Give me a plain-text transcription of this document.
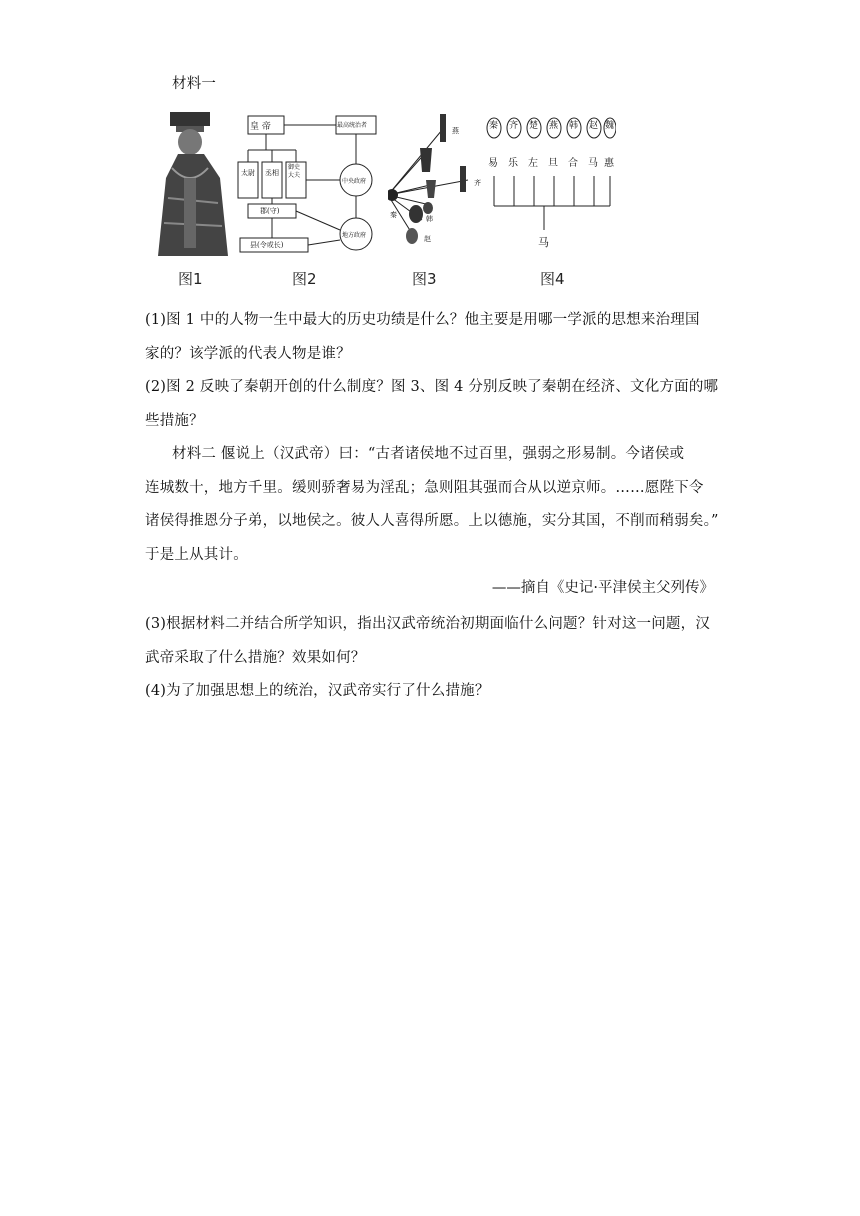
材料一
图1
皇 帝	最高统治者
太尉 丞相
御史大夫
中央政府
郡(守)
县(令或长)
地方政府
图2
燕
齐
秦	韩
赵
图3
秦 齐 楚 燕 韩 赵 魏
易 乐 左 旦 合 马 惠
马
图4
(1)图 1 中的人物一生中最大的历史功绩是什么？他主要是用哪一学派的思想来治理国
家的？该学派的代表人物是谁？
(2)图 2 反映了秦朝开创的什么制度？图 3、图 4 分别反映了秦朝在经济、文化方面的哪
些措施？
材料二 偃说上（汉武帝）曰：“古者诸侯地不过百里，强弱之形易制。今诸侯或
连城数十，地方千里。缓则骄奢易为淫乱；急则阻其强而合从以逆京师。……愿陛下令
诸侯得推恩分子弟，以地侯之。彼人人喜得所愿。上以德施，实分其国，不削而稍弱矣。”
于是上从其计。
——摘自《史记·平津侯主父列传》
(3)根据材料二并结合所学知识，指出汉武帝统治初期面临什么问题？针对这一问题，汉
武帝采取了什么措施？效果如何？
(4)为了加强思想上的统治，汉武帝实行了什么措施？
